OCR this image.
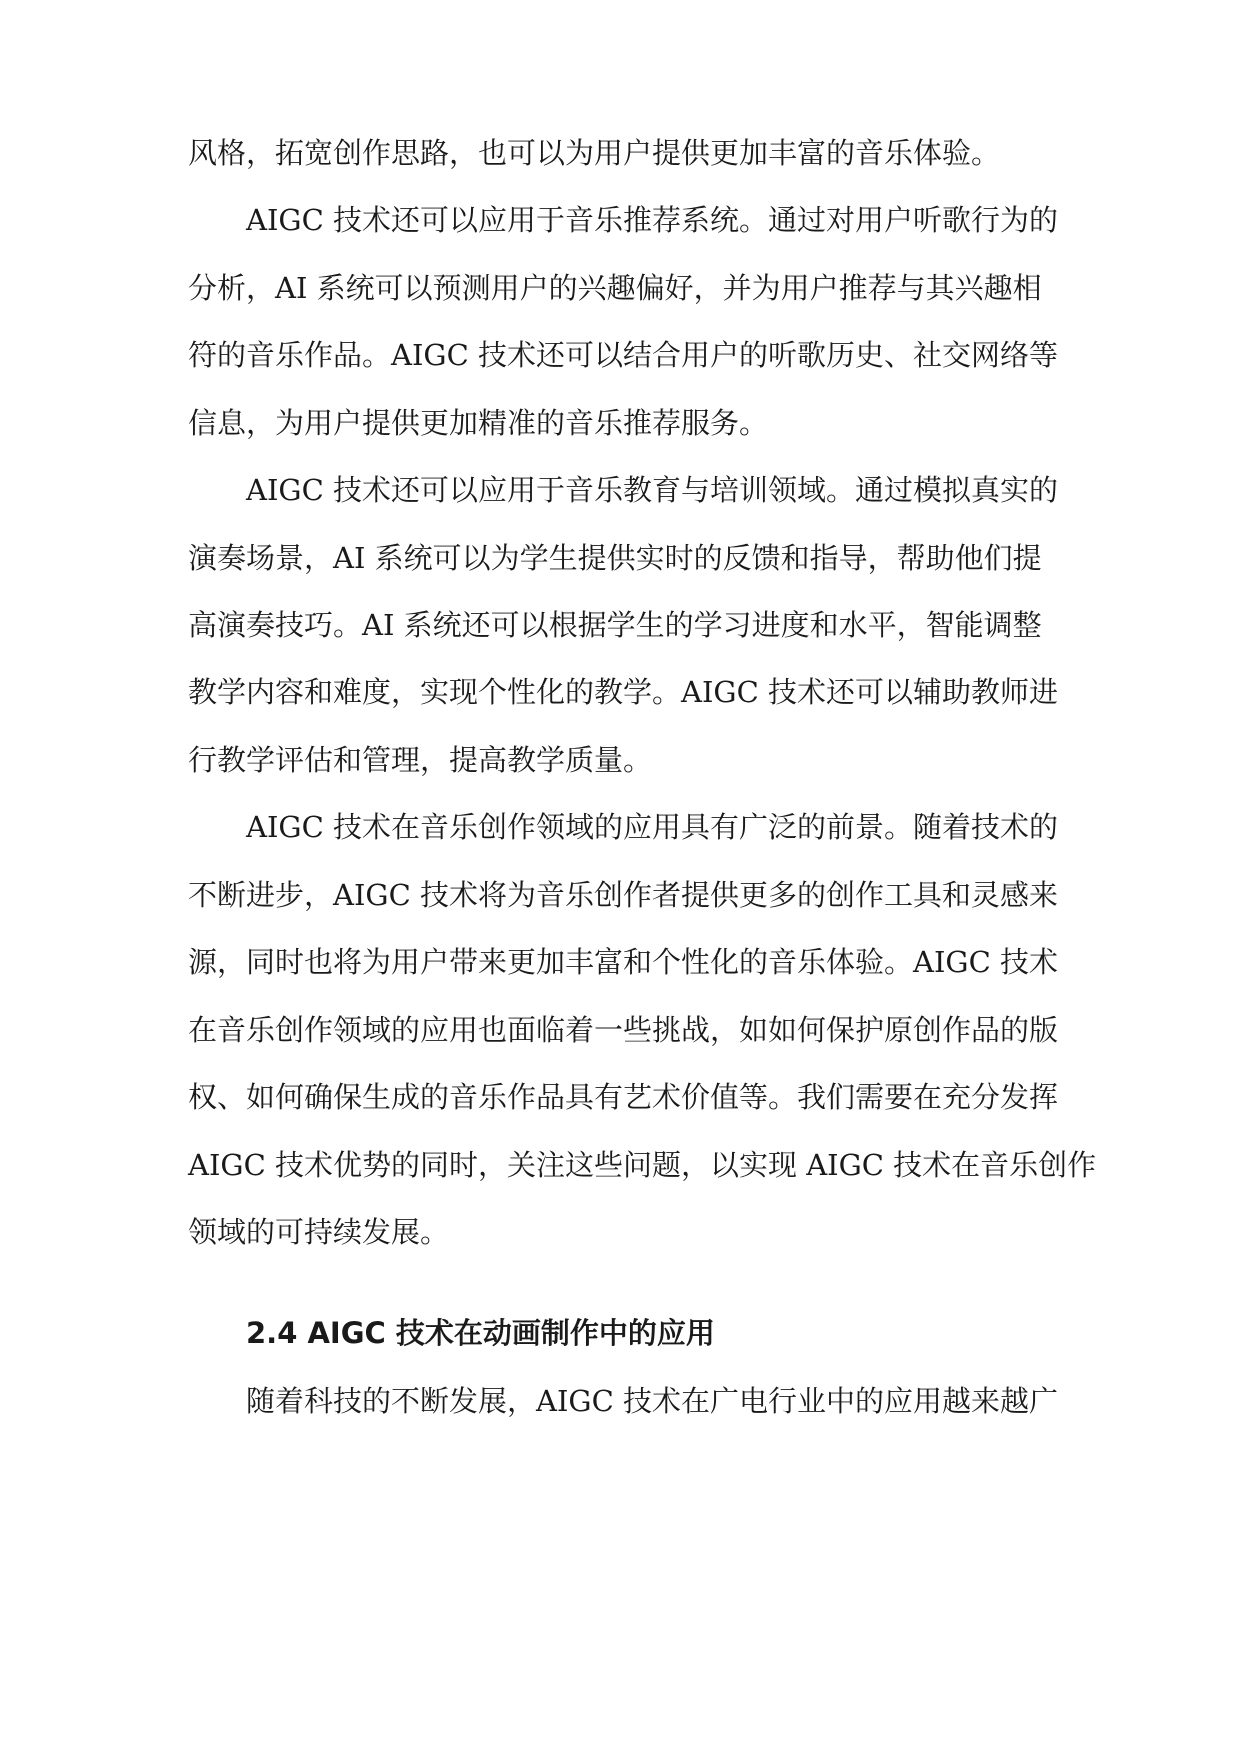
风格，拓宽创作思路，也可以为用户提供更加丰富的音乐体验。

AIGC 技术还可以应用于音乐推荐系统。通过对用户听歌行为的

分析，AI 系统可以预测用户的兴趣偏好，并为用户推荐与其兴趣相

符的音乐作品。AIGC 技术还可以结合用户的听歌历史、社交网络等

信息，为用户提供更加精准的音乐推荐服务。

AIGC 技术还可以应用于音乐教育与培训领域。通过模拟真实的

演奏场景，AI 系统可以为学生提供实时的反馈和指导，帮助他们提

高演奏技巧。AI 系统还可以根据学生的学习进度和水平，智能调整

教学内容和难度，实现个性化的教学。AIGC 技术还可以辅助教师进

行教学评估和管理，提高教学质量。

AIGC 技术在音乐创作领域的应用具有广泛的前景。随着技术的

不断进步，AIGC 技术将为音乐创作者提供更多的创作工具和灵感来

源，同时也将为用户带来更加丰富和个性化的音乐体验。AIGC 技术

在音乐创作领域的应用也面临着一些挑战，如如何保护原创作品的版

权、如何确保生成的音乐作品具有艺术价值等。我们需要在充分发挥

AIGC 技术优势的同时，关注这些问题，以实现 AIGC 技术在音乐创作

领域的可持续发展。

2.4 AIGC 技术在动画制作中的应用

随着科技的不断发展，AIGC 技术在广电行业中的应用越来越广
